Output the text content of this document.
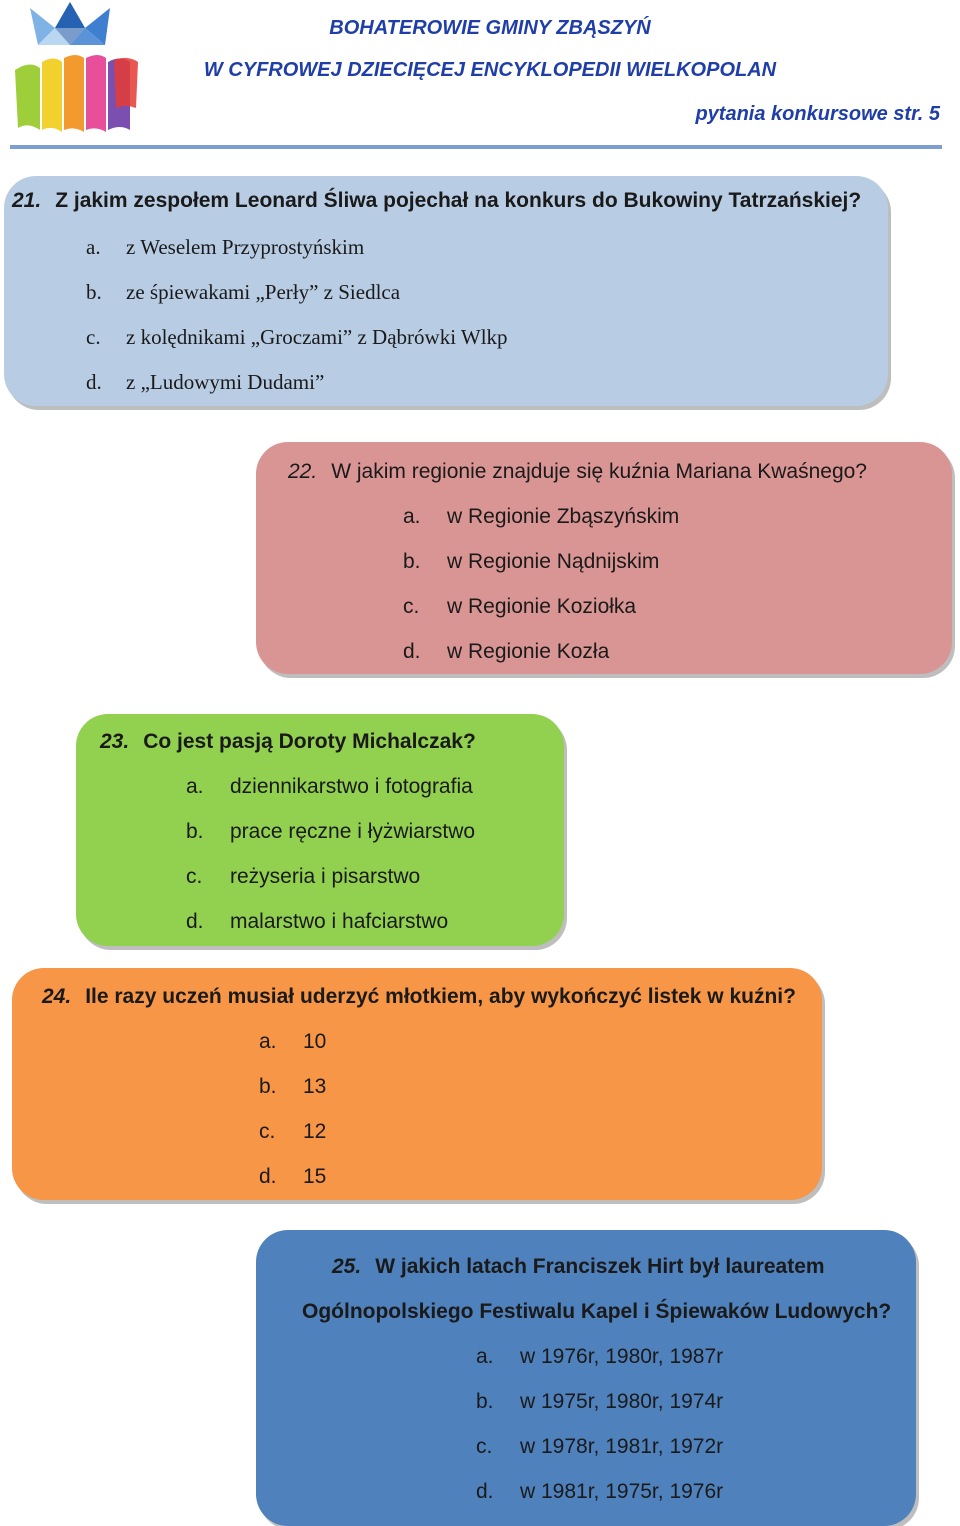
BOHATEROWIE GMINY ZBĄSZYŃ
W CYFROWEJ DZIECIĘCEJ ENCYKLOPEDII WIELKOPOLAN
pytania konkursowe str. 5
21. Z jakim zespołem Leonard Śliwa pojechał na konkurs do Bukowiny Tatrzańskiej?
a. z Weselem Przyprostyńskim
b. ze śpiewakami „Perły” z Siedlca
c. z kolędnikami „Groczami” z Dąbrówki Wlkp
d. z „Ludowymi Dudami”
22. W jakim regionie znajduje się kuźnia Mariana Kwaśnego?
a. w Regionie Zbąszyńskim
b. w Regionie Nądnijskim
c. w Regionie Koziołka
d. w Regionie Kozła
23. Co jest pasją Doroty Michalczak?
a. dziennikarstwo i fotografia
b. prace ręczne i łyżwiarstwo
c. reżyseria i pisarstwo
d. malarstwo i hafciarstwo
24. Ile razy uczeń musiał uderzyć młotkiem, aby wykończyć listek w kuźni?
a. 10
b. 13
c. 12
d. 15
25. W jakich latach Franciszek Hirt był laureatem
Ogólnopolskiego Festiwalu Kapel i Śpiewaków Ludowych?
a. w 1976r, 1980r, 1987r
b. w 1975r, 1980r, 1974r
c. w 1978r, 1981r, 1972r
d. w 1981r, 1975r, 1976r
